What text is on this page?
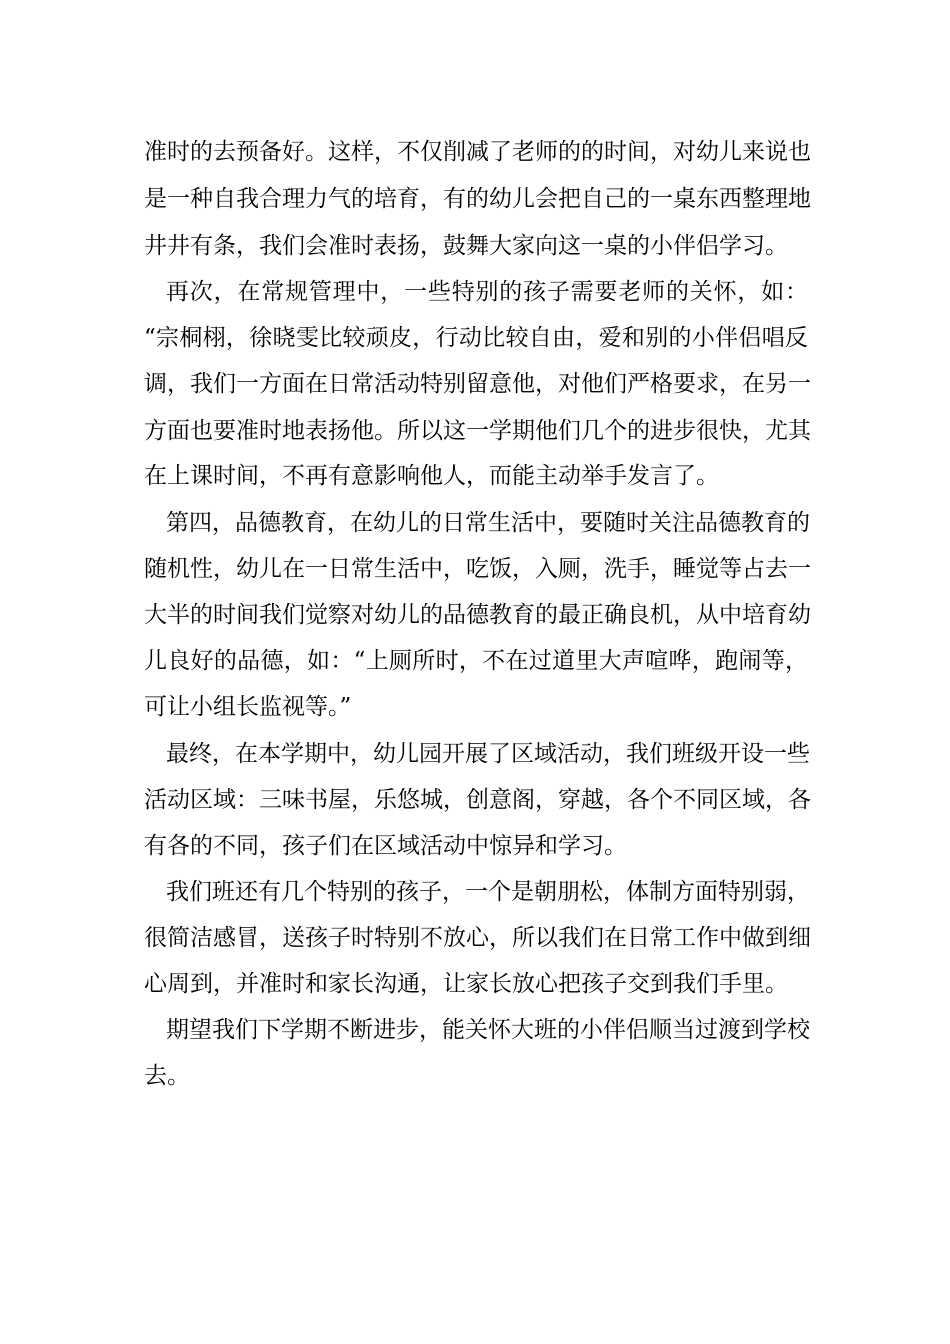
准时的去预备好。这样，不仅削减了老师的的时间，对幼儿来说也
是一种自我合理力气的培育，有的幼儿会把自己的一桌东西整理地
井井有条，我们会准时表扬，鼓舞大家向这一桌的小伴侣学习。
再次，在常规管理中，一些特别的孩子需要老师的关怀，如：
“宗桐栩，徐晓雯比较顽皮，行动比较自由，爱和别的小伴侣唱反
调，我们一方面在日常活动特别留意他，对他们严格要求，在另一
方面也要准时地表扬他。所以这一学期他们几个的进步很快，尤其
在上课时间，不再有意影响他人，而能主动举手发言了。
第四，品德教育，在幼儿的日常生活中，要随时关注品德教育的
随机性，幼儿在一日常生活中，吃饭，入厕，洗手，睡觉等占去一
大半的时间我们觉察对幼儿的品德教育的最正确良机，从中培育幼
儿良好的品德，如：“上厕所时，不在过道里大声喧哗，跑闹等，
可让小组长监视等。”
最终，在本学期中，幼儿园开展了区域活动，我们班级开设一些
活动区域：三味书屋，乐悠城，创意阁，穿越，各个不同区域，各
有各的不同，孩子们在区域活动中惊异和学习。
我们班还有几个特别的孩子，一个是朝朋松，体制方面特别弱，
很简洁感冒，送孩子时特别不放心，所以我们在日常工作中做到细
心周到，并准时和家长沟通，让家长放心把孩子交到我们手里。
期望我们下学期不断进步，能关怀大班的小伴侣顺当过渡到学校
去。
